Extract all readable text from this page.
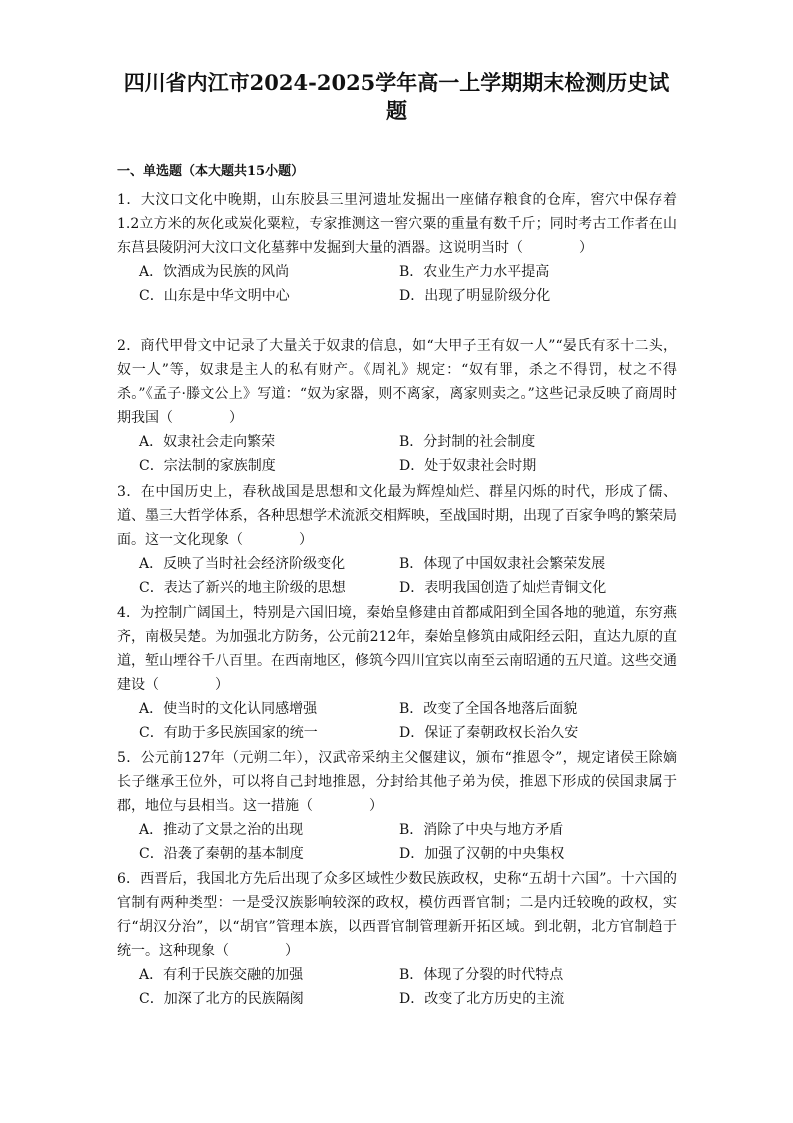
四川省内江市2024-2025学年高一上学期期末检测历史试
题
一、单选题（本大题共15小题）

1．大汶口文化中晚期，山东胶县三里河遗址发掘出一座储存粮食的仓库，窖穴中保存着1.2立方米的灰化或炭化粟粒，专家推测这一窖穴粟的重量有数千斤；同时考古工作者在山东莒县陵阴河大汶口文化墓葬中发掘到大量的酒器。这说明当时（　　　　）

A．饮酒成为民族的风尚	B．农业生产力水平提高
C．山东是中华文明中心	D．出现了明显阶级分化

2．商代甲骨文中记录了大量关于奴隶的信息，如“大甲子王有奴一人”“晏氏有豕十二头，奴一人”等，奴隶是主人的私有财产。《周礼》规定：“奴有罪，杀之不得罚，杖之不得杀。”《孟子·滕文公上》写道：“奴为家器，则不离家，离家则卖之。”这些记录反映了商周时期我国（　　　　）

A．奴隶社会走向繁荣	B．分封制的社会制度
C．宗法制的家族制度	D．处于奴隶社会时期

3．在中国历史上，春秋战国是思想和文化最为辉煌灿烂、群星闪烁的时代，形成了儒、道、墨三大哲学体系，各种思想学术流派交相辉映，至战国时期，出现了百家争鸣的繁荣局面。这一文化现象（　　　　）

A．反映了当时社会经济阶级变化	B．体现了中国奴隶社会繁荣发展
C．表达了新兴的地主阶级的思想	D．表明我国创造了灿烂青铜文化

4．为控制广阔国土，特别是六国旧境，秦始皇修建由首都咸阳到全国各地的驰道，东穷燕齐，南极吴楚。为加强北方防务，公元前212年，秦始皇修筑由咸阳经云阳，直达九原的直道，堑山堙谷千八百里。在西南地区，修筑今四川宜宾以南至云南昭通的五尺道。这些交通建设（　　　　）

A．使当时的文化认同感增强	B．改变了全国各地落后面貌
C．有助于多民族国家的统一	D．保证了秦朝政权长治久安

5．公元前127年（元朔二年），汉武帝采纳主父偃建议，颁布“推恩令”，规定诸侯王除嫡长子继承王位外，可以将自己封地推恩，分封给其他子弟为侯，推恩下形成的侯国隶属于郡，地位与县相当。这一措施（　　　　）

A．推动了文景之治的出现	B．消除了中央与地方矛盾
C．沿袭了秦朝的基本制度	D．加强了汉朝的中央集权

6．西晋后，我国北方先后出现了众多区域性少数民族政权，史称“五胡十六国”。十六国的官制有两种类型：一是受汉族影响较深的政权，模仿西晋官制；二是内迁较晚的政权，实行“胡汉分治”，以“胡官”管理本族，以西晋官制管理新开拓区域。到北朝，北方官制趋于统一。这种现象（　　　　）

A．有利于民族交融的加强	B．体现了分裂的时代特点
C．加深了北方的民族隔阂	D．改变了北方历史的主流
